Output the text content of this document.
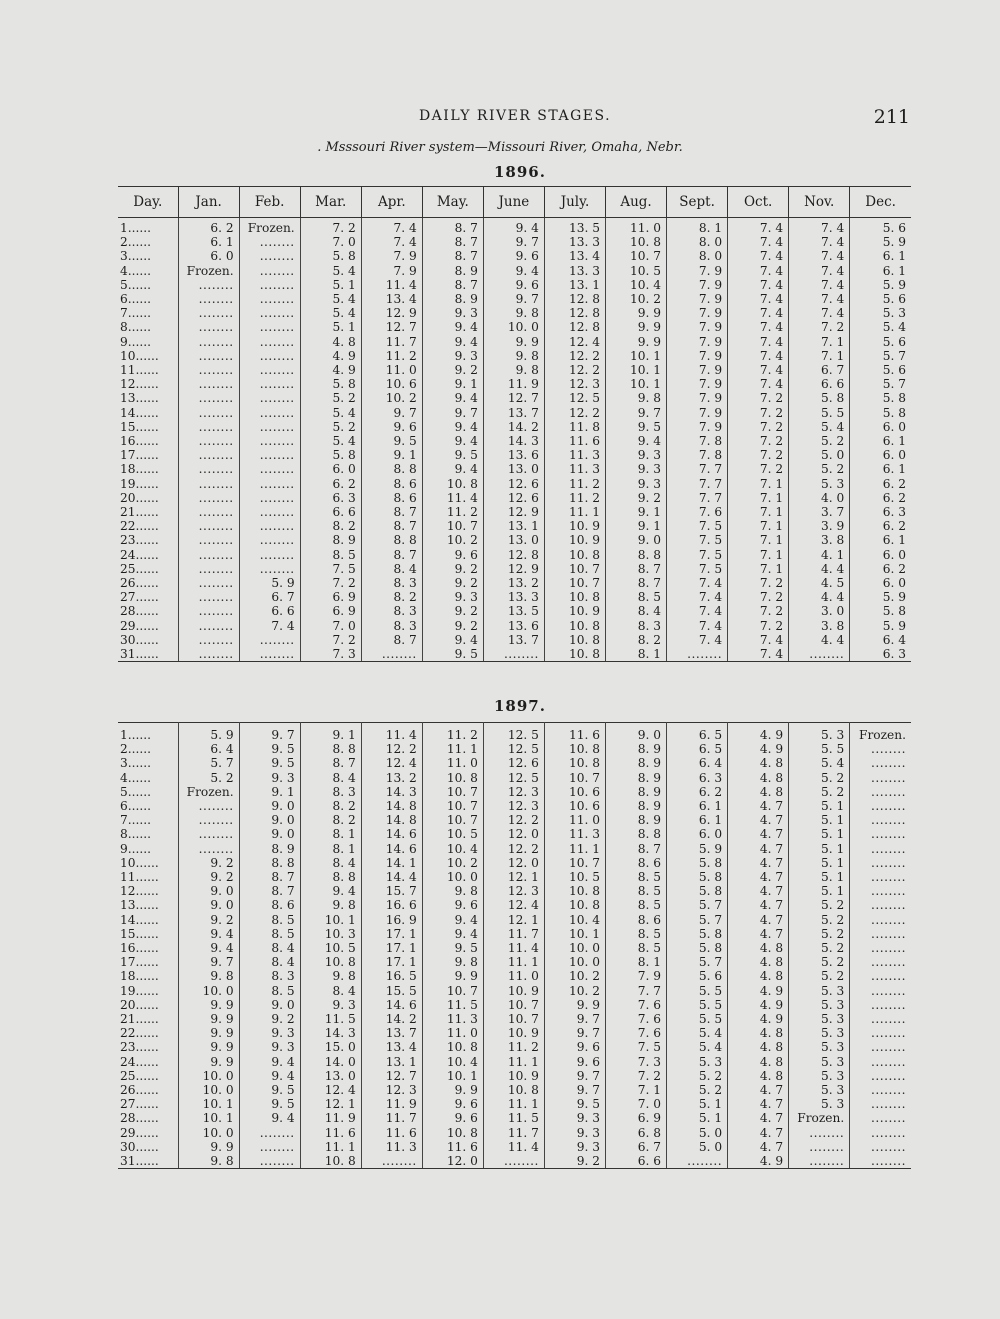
DAILY RIVER STAGES.	211
. Msssouri River system—Missouri River, Omaha, Nebr.
1896.
Day.	Jan.	Feb.	Mar.	Apr.	May.	June	July.	Aug.	Sept.	Oct.	Nov.	Dec.
1......	6. 2	Frozen.	7. 2	7. 4	8. 7	9. 4	13. 5	11. 0	8. 1	7. 4	7. 4	5. 6
2......	6. 1	........	7. 0	7. 4	8. 7	9. 7	13. 3	10. 8	8. 0	7. 4	7. 4	5. 9
3......	6. 0	........	5. 8	7. 9	8. 7	9. 6	13. 4	10. 7	8. 0	7. 4	7. 4	6. 1
4......	Frozen.	........	5. 4	7. 9	8. 9	9. 4	13. 3	10. 5	7. 9	7. 4	7. 4	6. 1
5......	........	........	5. 1	11. 4	8. 7	9. 6	13. 1	10. 4	7. 9	7. 4	7. 4	5. 9
6......	........	........	5. 4	13. 4	8. 9	9. 7	12. 8	10. 2	7. 9	7. 4	7. 4	5. 6
7......	........	........	5. 4	12. 9	9. 3	9. 8	12. 8	9. 9	7. 9	7. 4	7. 4	5. 3
8......	........	........	5. 1	12. 7	9. 4	10. 0	12. 8	9. 9	7. 9	7. 4	7. 2	5. 4
9......	........	........	4. 8	11. 7	9. 4	9. 9	12. 4	9. 9	7. 9	7. 4	7. 1	5. 6
10......	........	........	4. 9	11. 2	9. 3	9. 8	12. 2	10. 1	7. 9	7. 4	7. 1	5. 7
11......	........	........	4. 9	11. 0	9. 2	9. 8	12. 2	10. 1	7. 9	7. 4	6. 7	5. 6
12......	........	........	5. 8	10. 6	9. 1	11. 9	12. 3	10. 1	7. 9	7. 4	6. 6	5. 7
13......	........	........	5. 2	10. 2	9. 4	12. 7	12. 5	9. 8	7. 9	7. 2	5. 8	5. 8
14......	........	........	5. 4	9. 7	9. 7	13. 7	12. 2	9. 7	7. 9	7. 2	5. 5	5. 8
15......	........	........	5. 2	9. 6	9. 4	14. 2	11. 8	9. 5	7. 9	7. 2	5. 4	6. 0
16......	........	........	5. 4	9. 5	9. 4	14. 3	11. 6	9. 4	7. 8	7. 2	5. 2	6. 1
17......	........	........	5. 8	9. 1	9. 5	13. 6	11. 3	9. 3	7. 8	7. 2	5. 0	6. 0
18......	........	........	6. 0	8. 8	9. 4	13. 0	11. 3	9. 3	7. 7	7. 2	5. 2	6. 1
19......	........	........	6. 2	8. 6	10. 8	12. 6	11. 2	9. 3	7. 7	7. 1	5. 3	6. 2
20......	........	........	6. 3	8. 6	11. 4	12. 6	11. 2	9. 2	7. 7	7. 1	4. 0	6. 2
21......	........	........	6. 6	8. 7	11. 2	12. 9	11. 1	9. 1	7. 6	7. 1	3. 7	6. 3
22......	........	........	8. 2	8. 7	10. 7	13. 1	10. 9	9. 1	7. 5	7. 1	3. 9	6. 2
23......	........	........	8. 9	8. 8	10. 2	13. 0	10. 9	9. 0	7. 5	7. 1	3. 8	6. 1
24......	........	........	8. 5	8. 7	9. 6	12. 8	10. 8	8. 8	7. 5	7. 1	4. 1	6. 0
25......	........	........	7. 5	8. 4	9. 2	12. 9	10. 7	8. 7	7. 5	7. 1	4. 4	6. 2
26......	........	5. 9	7. 2	8. 3	9. 2	13. 2	10. 7	8. 7	7. 4	7. 2	4. 5	6. 0
27......	........	6. 7	6. 9	8. 2	9. 3	13. 3	10. 8	8. 5	7. 4	7. 2	4. 4	5. 9
28......	........	6. 6	6. 9	8. 3	9. 2	13. 5	10. 9	8. 4	7. 4	7. 2	3. 0	5. 8
29......	........	7. 4	7. 0	8. 3	9. 2	13. 6	10. 8	8. 3	7. 4	7. 2	3. 8	5. 9
30......	........	........	7. 2	8. 7	9. 4	13. 7	10. 8	8. 2	7. 4	7. 4	4. 4	6. 4
31......	........	........	7. 3	........	9. 5	........	10. 8	8. 1	........	7. 4	........	6. 3
1897.
1......	5. 9	9. 7	9. 1	11. 4	11. 2	12. 5	11. 6	9. 0	6. 5	4. 9	5. 3	Frozen.
2......	6. 4	9. 5	8. 8	12. 2	11. 1	12. 5	10. 8	8. 9	6. 5	4. 9	5. 5	........
3......	5. 7	9. 5	8. 7	12. 4	11. 0	12. 6	10. 8	8. 9	6. 4	4. 8	5. 4	........
4......	5. 2	9. 3	8. 4	13. 2	10. 8	12. 5	10. 7	8. 9	6. 3	4. 8	5. 2	........
5......	Frozen.	9. 1	8. 3	14. 3	10. 7	12. 3	10. 6	8. 9	6. 2	4. 8	5. 2	........
6......	........	9. 0	8. 2	14. 8	10. 7	12. 3	10. 6	8. 9	6. 1	4. 7	5. 1	........
7......	........	9. 0	8. 2	14. 8	10. 7	12. 2	11. 0	8. 9	6. 1	4. 7	5. 1	........
8......	........	9. 0	8. 1	14. 6	10. 5	12. 0	11. 3	8. 8	6. 0	4. 7	5. 1	........
9......	........	8. 9	8. 1	14. 6	10. 4	12. 2	11. 1	8. 7	5. 9	4. 7	5. 1	........
10......	9. 2	8. 8	8. 4	14. 1	10. 2	12. 0	10. 7	8. 6	5. 8	4. 7	5. 1	........
11......	9. 2	8. 7	8. 8	14. 4	10. 0	12. 1	10. 5	8. 5	5. 8	4. 7	5. 1	........
12......	9. 0	8. 7	9. 4	15. 7	9. 8	12. 3	10. 8	8. 5	5. 8	4. 7	5. 1	........
13......	9. 0	8. 6	9. 8	16. 6	9. 6	12. 4	10. 8	8. 5	5. 7	4. 7	5. 2	........
14......	9. 2	8. 5	10. 1	16. 9	9. 4	12. 1	10. 4	8. 6	5. 7	4. 7	5. 2	........
15......	9. 4	8. 5	10. 3	17. 1	9. 4	11. 7	10. 1	8. 5	5. 8	4. 7	5. 2	........
16......	9. 4	8. 4	10. 5	17. 1	9. 5	11. 4	10. 0	8. 5	5. 8	4. 8	5. 2	........
17......	9. 7	8. 4	10. 8	17. 1	9. 8	11. 1	10. 0	8. 1	5. 7	4. 8	5. 2	........
18......	9. 8	8. 3	9. 8	16. 5	9. 9	11. 0	10. 2	7. 9	5. 6	4. 8	5. 2	........
19......	10. 0	8. 5	8. 4	15. 5	10. 7	10. 9	10. 2	7. 7	5. 5	4. 9	5. 3	........
20......	9. 9	9. 0	9. 3	14. 6	11. 5	10. 7	9. 9	7. 6	5. 5	4. 9	5. 3	........
21......	9. 9	9. 2	11. 5	14. 2	11. 3	10. 7	9. 7	7. 6	5. 5	4. 9	5. 3	........
22......	9. 9	9. 3	14. 3	13. 7	11. 0	10. 9	9. 7	7. 6	5. 4	4. 8	5. 3	........
23......	9. 9	9. 3	15. 0	13. 4	10. 8	11. 2	9. 6	7. 5	5. 4	4. 8	5. 3	........
24......	9. 9	9. 4	14. 0	13. 1	10. 4	11. 1	9. 6	7. 3	5. 3	4. 8	5. 3	........
25......	10. 0	9. 4	13. 0	12. 7	10. 1	10. 9	9. 7	7. 2	5. 2	4. 8	5. 3	........
26......	10. 0	9. 5	12. 4	12. 3	9. 9	10. 8	9. 7	7. 1	5. 2	4. 7	5. 3	........
27......	10. 1	9. 5	12. 1	11. 9	9. 6	11. 1	9. 5	7. 0	5. 1	4. 7	5. 3	........
28......	10. 1	9. 4	11. 9	11. 7	9. 6	11. 5	9. 3	6. 9	5. 1	4. 7	Frozen.	........
29......	10. 0	........	11. 6	11. 6	10. 8	11. 7	9. 3	6. 8	5. 0	4. 7	........	........
30......	9. 9	........	11. 1	11. 3	11. 6	11. 4	9. 3	6. 7	5. 0	4. 7	........	........
31......	9. 8	........	10. 8	........	12. 0	........	9. 2	6. 6	........	4. 9	........	........
